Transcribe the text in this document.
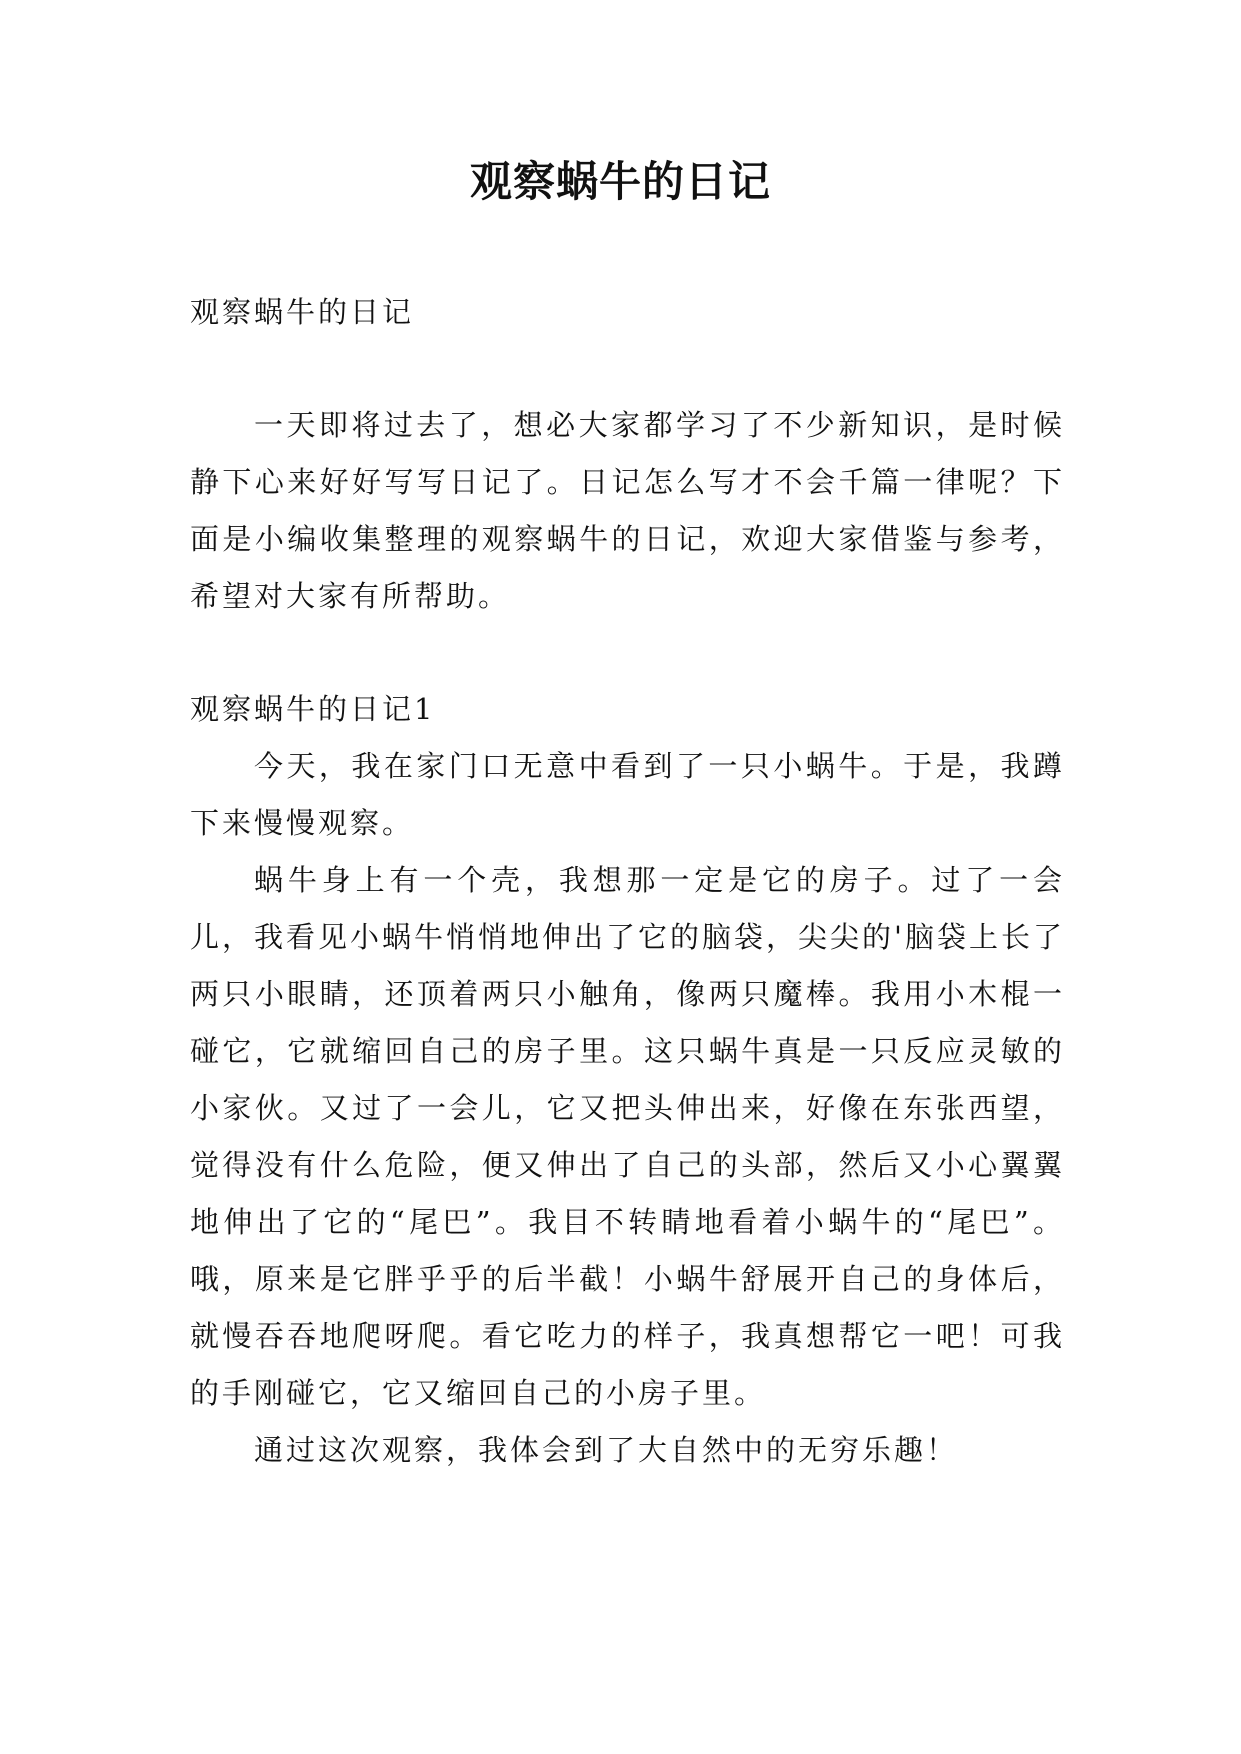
观察蜗牛的日记

观察蜗牛的日记

一天即将过去了，想必大家都学习了不少新知识，是时候静下心来好好写写日记了。日记怎么写才不会千篇一律呢？下面是小编收集整理的观察蜗牛的日记，欢迎大家借鉴与参考，希望对大家有所帮助。

观察蜗牛的日记1

今天，我在家门口无意中看到了一只小蜗牛。于是，我蹲下来慢慢观察。

蜗牛身上有一个壳，我想那一定是它的房子。过了一会儿，我看见小蜗牛悄悄地伸出了它的脑袋，尖尖的'脑袋上长了两只小眼睛，还顶着两只小触角，像两只魔棒。我用小木棍一碰它，它就缩回自己的房子里。这只蜗牛真是一只反应灵敏的小家伙。又过了一会儿，它又把头伸出来，好像在东张西望，觉得没有什么危险，便又伸出了自己的头部，然后又小心翼翼地伸出了它的“尾巴”。我目不转睛地看着小蜗牛的“尾巴”。哦，原来是它胖乎乎的后半截！小蜗牛舒展开自己的身体后，就慢吞吞地爬呀爬。看它吃力的样子，我真想帮它一吧！可我的手刚碰它，它又缩回自己的小房子里。

通过这次观察，我体会到了大自然中的无穷乐趣！
